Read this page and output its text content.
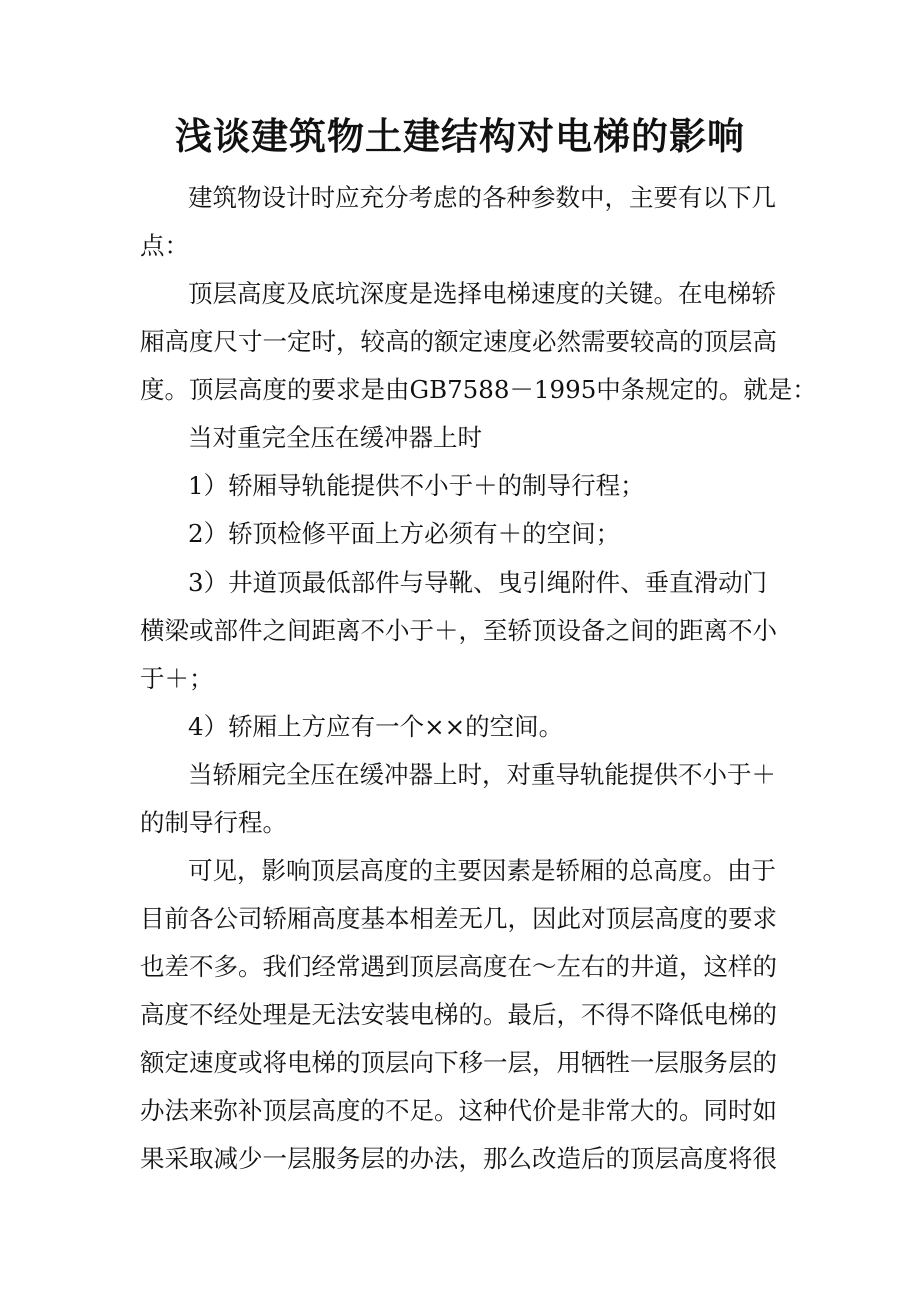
浅谈建筑物土建结构对电梯的影响
建筑物设计时应充分考虑的各种参数中，主要有以下几
点：
顶层高度及底坑深度是选择电梯速度的关键。在电梯轿
厢高度尺寸一定时，较高的额定速度必然需要较高的顶层高
度。顶层高度的要求是由GB7588－1995中条规定的。就是：
当对重完全压在缓冲器上时
1）轿厢导轨能提供不小于＋的制导行程；
2）轿顶检修平面上方必须有＋的空间；
3）井道顶最低部件与导靴、曳引绳附件、垂直滑动门
横梁或部件之间距离不小于＋，至轿顶设备之间的距离不小
于＋；
4）轿厢上方应有一个××的空间。
当轿厢完全压在缓冲器上时，对重导轨能提供不小于＋
的制导行程。
可见，影响顶层高度的主要因素是轿厢的总高度。由于
目前各公司轿厢高度基本相差无几，因此对顶层高度的要求
也差不多。我们经常遇到顶层高度在～左右的井道，这样的
高度不经处理是无法安装电梯的。最后，不得不降低电梯的
额定速度或将电梯的顶层向下移一层，用牺牲一层服务层的
办法来弥补顶层高度的不足。这种代价是非常大的。同时如
果采取减少一层服务层的办法，那么改造后的顶层高度将很
